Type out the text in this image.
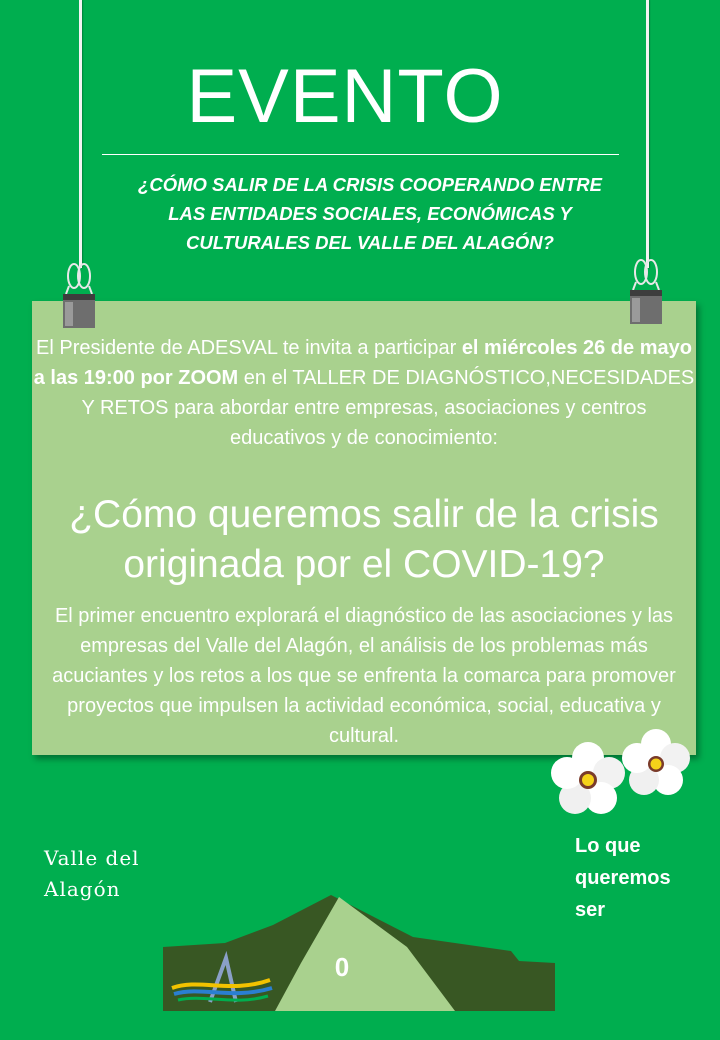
EVENTO
¿CÓMO SALIR DE LA CRISIS COOPERANDO ENTRE
LAS ENTIDADES SOCIALES, ECONÓMICAS Y
CULTURALES DEL VALLE DEL ALAGÓN?
El Presidente de ADESVAL te invita a participar el miércoles 26 de mayo a las 19:00 por ZOOM en el TALLER DE DIAGNÓSTICO,NECESIDADES Y RETOS para abordar entre empresas, asociaciones y centros educativos y de conocimiento:
¿Cómo queremos salir de la crisis originada por el COVID-19?
El primer encuentro explorará el diagnóstico de las asociaciones y las empresas del Valle del Alagón, el análisis de los problemas más acuciantes y los retos a los que se enfrenta la comarca para promover proyectos que impulsen la actividad económica, social, educativa y cultural.
Valle del
Alagón
Lo que
queremos
ser
0
